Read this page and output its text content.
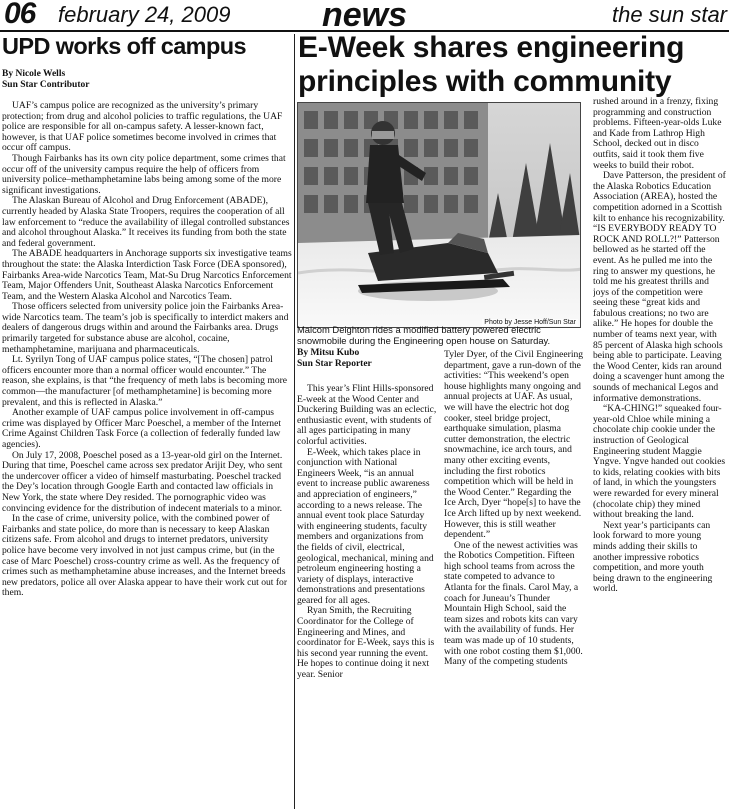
06 february 24, 2009	news	the sun star
UPD works off campus
By Nicole Wells
Sun Star Contributor

UAF’s campus police are recognized as the university’s primary protection; from drug and alcohol policies to traffic regulations, the UAF police are responsible for all on-campus safety. A lesser-known fact, however, is that UAF police sometimes become involved in crimes that occur off campus.

Though Fairbanks has its own city police department, some crimes that occur off of the university campus require the help of officers from university police–methamphetamine labs being among some of the more significant investigations.

The Alaskan Bureau of Alcohol and Drug Enforcement (ABADE), currently headed by Alaska State Troopers, requires the cooperation of all law enforcement to “reduce the availability of illegal controlled substances and alcohol throughout Alaska.” It receives its funding from both the state and federal government.

The ABADE headquarters in Anchorage supports six investigative teams throughout the state: the Alaska Interdiction Task Force (DEA sponsored), Fairbanks Area-wide Narcotics Team, Mat-Su Drug Narcotics Enforcement Team, Major Offenders Unit, Southeast Alaska Narcotics Enforcement Team, and the Western Alaska Alcohol and Narcotics Team.

Those officers selected from university police join the Fairbanks Area-wide Narcotics team. The team’s job is specifically to interdict makers and dealers of dangerous drugs within and around the Fairbanks area. Drugs primarily targeted for substance abuse are alcohol, cocaine, methamphetamine, marijuana and pharmaceuticals.

Lt. Syrilyn Tong of UAF campus police states, “[The chosen] patrol officers encounter more than a normal officer would encounter.” The reason, she explains, is that “the frequency of meth labs is becoming more common—the manufacturer [of methamphetamine] is becoming more prevalent, and this is reflected in Alaska.”

Another example of UAF campus police involvement in off-campus crime was displayed by Officer Marc Poeschel, a member of the Internet Crime Against Children Task Force (a collection of federally funded law agencies).

On July 17, 2008, Poeschel posed as a 13-year-old girl on the Internet. During that time, Poeschel came across sex predator Arijit Dey, who sent the undercover officer a video of himself masturbating. Poeschel tracked the Dey’s location through Google Earth and contacted law officials in New York, the state where Dey resided. The pornographic video was convincing evidence for the distribution of indecent materials to a minor.

In the case of crime, university police, with the combined power of Fairbanks and state police, do more than is necessary to keep Alaskan citizens safe. From alcohol and drugs to internet predators, university police have become very involved in not just campus crime, but (in the case of Marc Poeschel) cross-country crime as well. As the frequency of crimes such as methamphetamine abuse increases, and the Internet breeds new predators, police all over Alaska appear to have their work cut out for them.

E-Week shares engineering principles with community
Photo by Jesse Hoff/Sun Star
Malcom Deighton rides a modified battery powered electric snowmobile during the Engineering open house on Saturday.
By Mitsu Kubo
Sun Star Reporter

This year’s Flint Hills-sponsored E-week at the Wood Center and Duckering Building was an eclectic, enthusiastic event, with students of all ages participating in many colorful activities.

E-Week, which takes place in conjunction with National Engineers Week, “is an annual event to increase public awareness and appreciation of engineers,” according to a news release. The annual event took place Saturday with engineering students, faculty members and organizations from the fields of civil, electrical, geological, mechanical, mining and petroleum engineering hosting a variety of displays, interactive demonstrations and presentations geared for all ages.

Ryan Smith, the Recruiting Coordinator for the College of Engineering and Mines, and coordinator for E-Week, says this is his second year running the event. He hopes to continue doing it next year. Senior

Tyler Dyer, of the Civil Engineering department, gave a run-down of the activities: “This weekend’s open house highlights many ongoing and annual projects at UAF. As usual, we will have the electric hot dog cooker, steel bridge project, earthquake simulation, plasma cutter demonstration, the electric snowmachine, ice arch tours, and many other exciting events, including the first robotics competition which will be held in the Wood Center.” Regarding the Ice Arch, Dyer “hope[s] to have the Ice Arch lifted up by next weekend. However, this is still weather dependent.”

One of the newest activities was the Robotics Competition. Fifteen high school teams from across the state competed to advance to Atlanta for the finals. Carol May, a coach for Juneau’s Thunder Mountain High School, said the team sizes and robots kits can vary with the availability of funds. Her team was made up of 10 students, with one robot costing them $1,000. Many of the competing students

rushed around in a frenzy, fixing programming and construction problems. Fifteen-year-olds Luke and Kade from Lathrop High School, decked out in disco outfits, said it took them five weeks to build their robot.

Dave Patterson, the president of the Alaska Robotics Education Association (AREA), hosted the competition adorned in a Scottish kilt to enhance his recognizability. “IS EVERYBODY READY TO ROCK AND ROLL?!” Patterson bellowed as he started off the event. As he pulled me into the ring to answer my questions, he told me his greatest thrills and joys of the competition were seeing these “great kids and fabulous creations; no two are alike.” He hopes for double the number of teams next year, with 85 percent of Alaska high schools being able to participate. Leaving the Wood Center, kids ran around doing a scavenger hunt among the sounds of mechanical Legos and informative demonstrations.

“KA-CHING!” squeaked four-year-old Chloe while mining a chocolate chip cookie under the instruction of Geological Engineering student Maggie Yngve. Yngve handed out cookies to kids, relating cookies with bits of land, in which the youngsters were rewarded for every mineral (chocolate chip) they mined without breaking the land.

Next year’s participants can look forward to more young minds adding their skills to another impressive robotics competition, and more youth being drawn to the engineering world.
